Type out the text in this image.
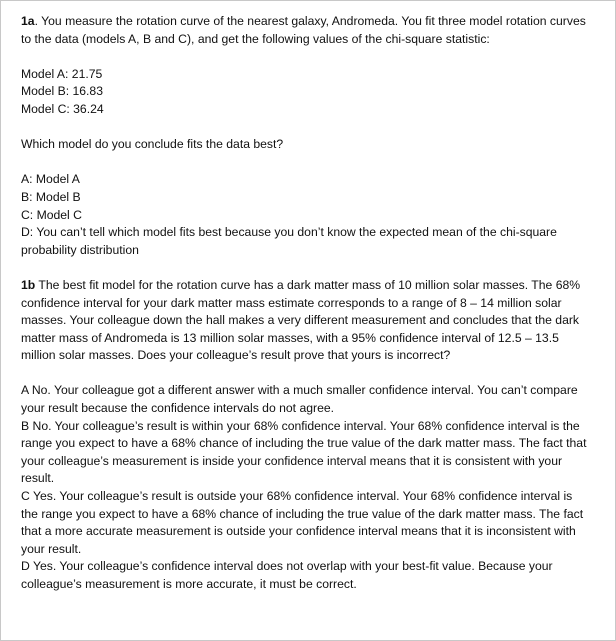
1a. You measure the rotation curve of the nearest galaxy, Andromeda. You fit three model rotation curves to the data (models A, B and C), and get the following values of the chi-square statistic:

Model A: 21.75

Model B: 16.83

Model C: 36.24

Which model do you conclude fits the data best?

A: Model A

B: Model B

C: Model C

D: You can’t tell which model fits best because you don’t know the expected mean of the chi-square probability distribution

1b The best fit model for the rotation curve has a dark matter mass of 10 million solar masses. The 68% confidence interval for your dark matter mass estimate corresponds to a range of 8 – 14 million solar masses. Your colleague down the hall makes a very different measurement and concludes that the dark matter mass of Andromeda is 13 million solar masses, with a 95% confidence interval of 12.5 – 13.5 million solar masses. Does your colleague’s result prove that yours is incorrect?

A No. Your colleague got a different answer with a much smaller confidence interval. You can’t compare your result because the confidence intervals do not agree.

B No. Your colleague’s result is within your 68% confidence interval. Your 68% confidence interval is the range you expect to have a 68% chance of including the true value of the dark matter mass. The fact that your colleague’s measurement is inside your confidence interval means that it is consistent with your result.

C Yes. Your colleague’s result is outside your 68% confidence interval. Your 68% confidence interval is the range you expect to have a 68% chance of including the true value of the dark matter mass. The fact that a more accurate measurement is outside your confidence interval means that it is inconsistent with your result.

D Yes. Your colleague’s confidence interval does not overlap with your best-fit value. Because your colleague’s measurement is more accurate, it must be correct.
